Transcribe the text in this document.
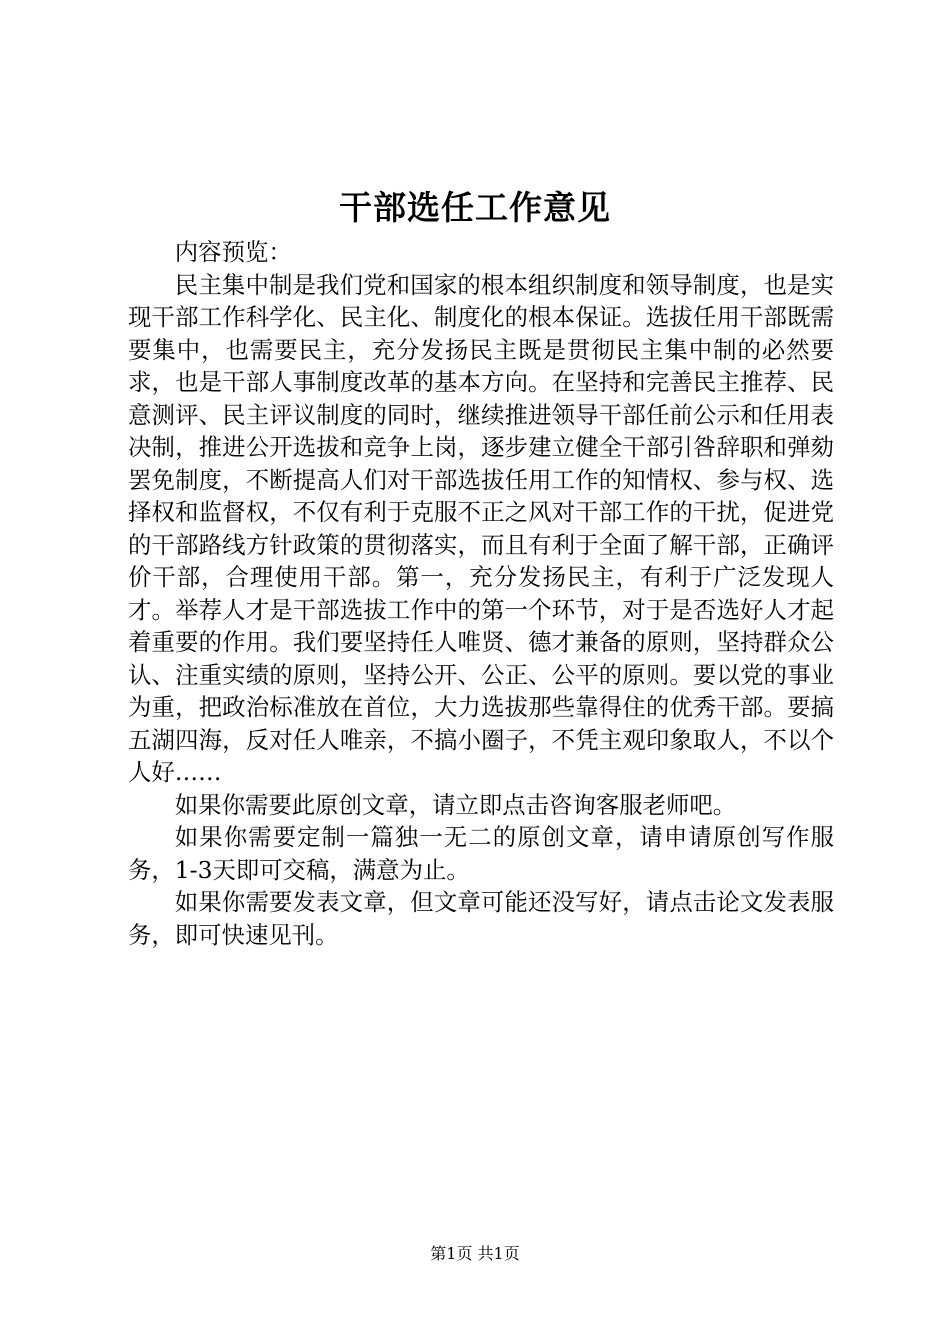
干部选任工作意见

内容预览：

民主集中制是我们党和国家的根本组织制度和领导制度，也是实现干部工作科学化、民主化、制度化的根本保证。选拔任用干部既需要集中，也需要民主，充分发扬民主既是贯彻民主集中制的必然要求，也是干部人事制度改革的基本方向。在坚持和完善民主推荐、民意测评、民主评议制度的同时，继续推进领导干部任前公示和任用表决制，推进公开选拔和竞争上岗，逐步建立健全干部引咎辞职和弹劾罢免制度，不断提高人们对干部选拔任用工作的知情权、参与权、选择权和监督权，不仅有利于克服不正之风对干部工作的干扰，促进党的干部路线方针政策的贯彻落实，而且有利于全面了解干部，正确评价干部，合理使用干部。第一，充分发扬民主，有利于广泛发现人才。举荐人才是干部选拔工作中的第一个环节，对于是否选好人才起着重要的作用。我们要坚持任人唯贤、德才兼备的原则，坚持群众公认、注重实绩的原则，坚持公开、公正、公平的原则。要以党的事业为重，把政治标准放在首位，大力选拔那些靠得住的优秀干部。要搞五湖四海，反对任人唯亲，不搞小圈子，不凭主观印象取人，不以个人好……

如果你需要此原创文章，请立即点击咨询客服老师吧。

如果你需要定制一篇独一无二的原创文章，请申请原创写作服务，1-3天即可交稿，满意为止。

如果你需要发表文章，但文章可能还没写好，请点击论文发表服务，即可快速见刊。

第1页 共1页
